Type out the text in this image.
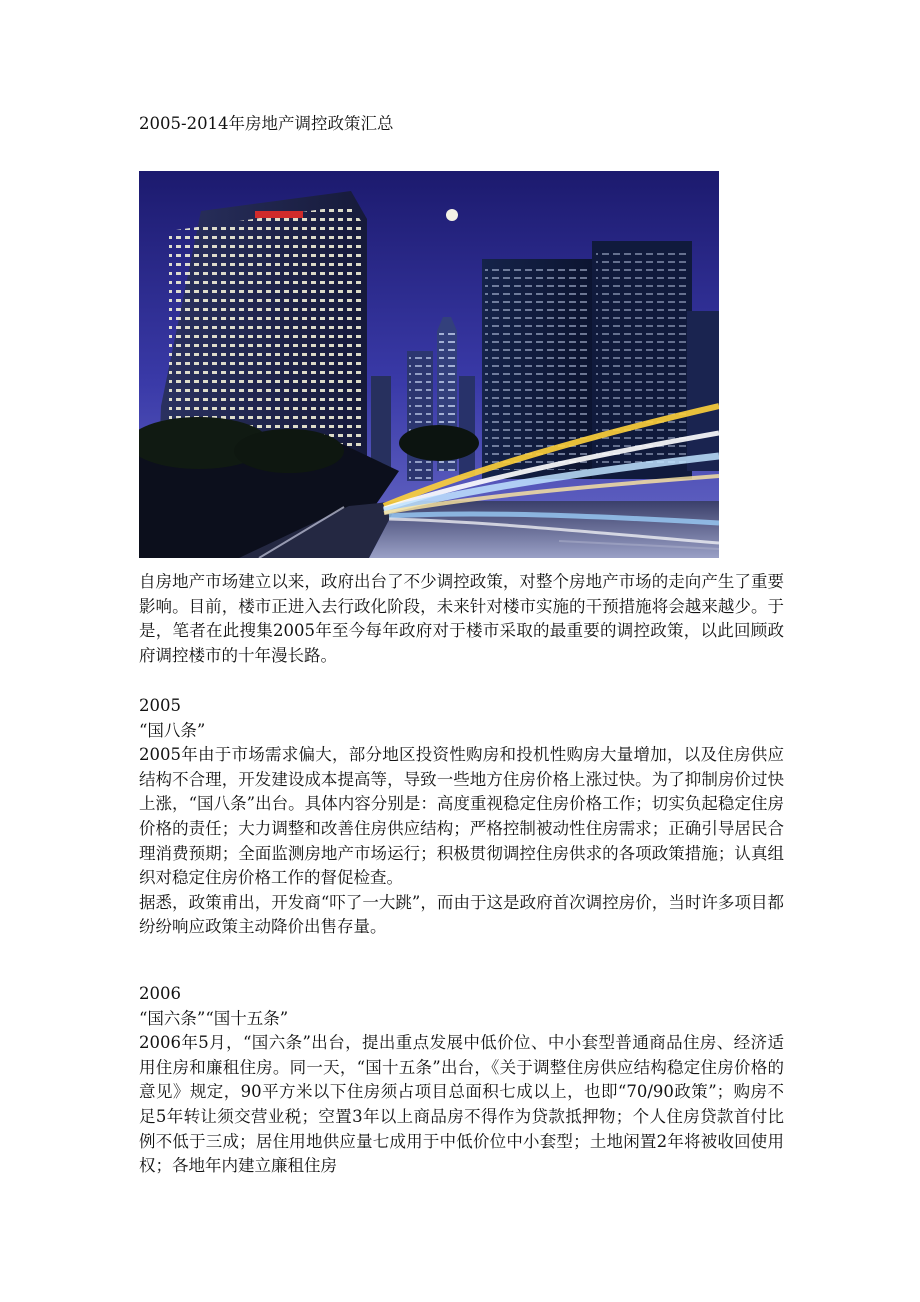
2005-2014年房地产调控政策汇总

自房地产市场建立以来，政府出台了不少调控政策，对整个房地产市场的走向产生了重要影响。目前，楼市正进入去行政化阶段，未来针对楼市实施的干预措施将会越来越少。于是，笔者在此搜集2005年至今每年政府对于楼市采取的最重要的调控政策，以此回顾政府调控楼市的十年漫长路。

2005

“国八条”

2005年由于市场需求偏大，部分地区投资性购房和投机性购房大量增加，以及住房供应结构不合理，开发建设成本提高等，导致一些地方住房价格上涨过快。为了抑制房价过快上涨，“国八条”出台。具体内容分别是：高度重视稳定住房价格工作；切实负起稳定住房价格的责任；大力调整和改善住房供应结构；严格控制被动性住房需求；正确引导居民合理消费预期；全面监测房地产市场运行；积极贯彻调控住房供求的各项政策措施；认真组织对稳定住房价格工作的督促检查。

据悉，政策甫出，开发商“吓了一大跳”，而由于这是政府首次调控房价，当时许多项目都纷纷响应政策主动降价出售存量。

2006

“国六条”“国十五条”

2006年5月，“国六条”出台，提出重点发展中低价位、中小套型普通商品住房、经济适用住房和廉租住房。同一天，“国十五条”出台，《关于调整住房供应结构稳定住房价格的意见》规定，90平方米以下住房须占项目总面积七成以上，也即“70/90政策”；购房不足5年转让须交营业税；空置3年以上商品房不得作为贷款抵押物；个人住房贷款首付比例不低于三成；居住用地供应量七成用于中低价位中小套型；土地闲置2年将被收回使用权；各地年内建立廉租住房
